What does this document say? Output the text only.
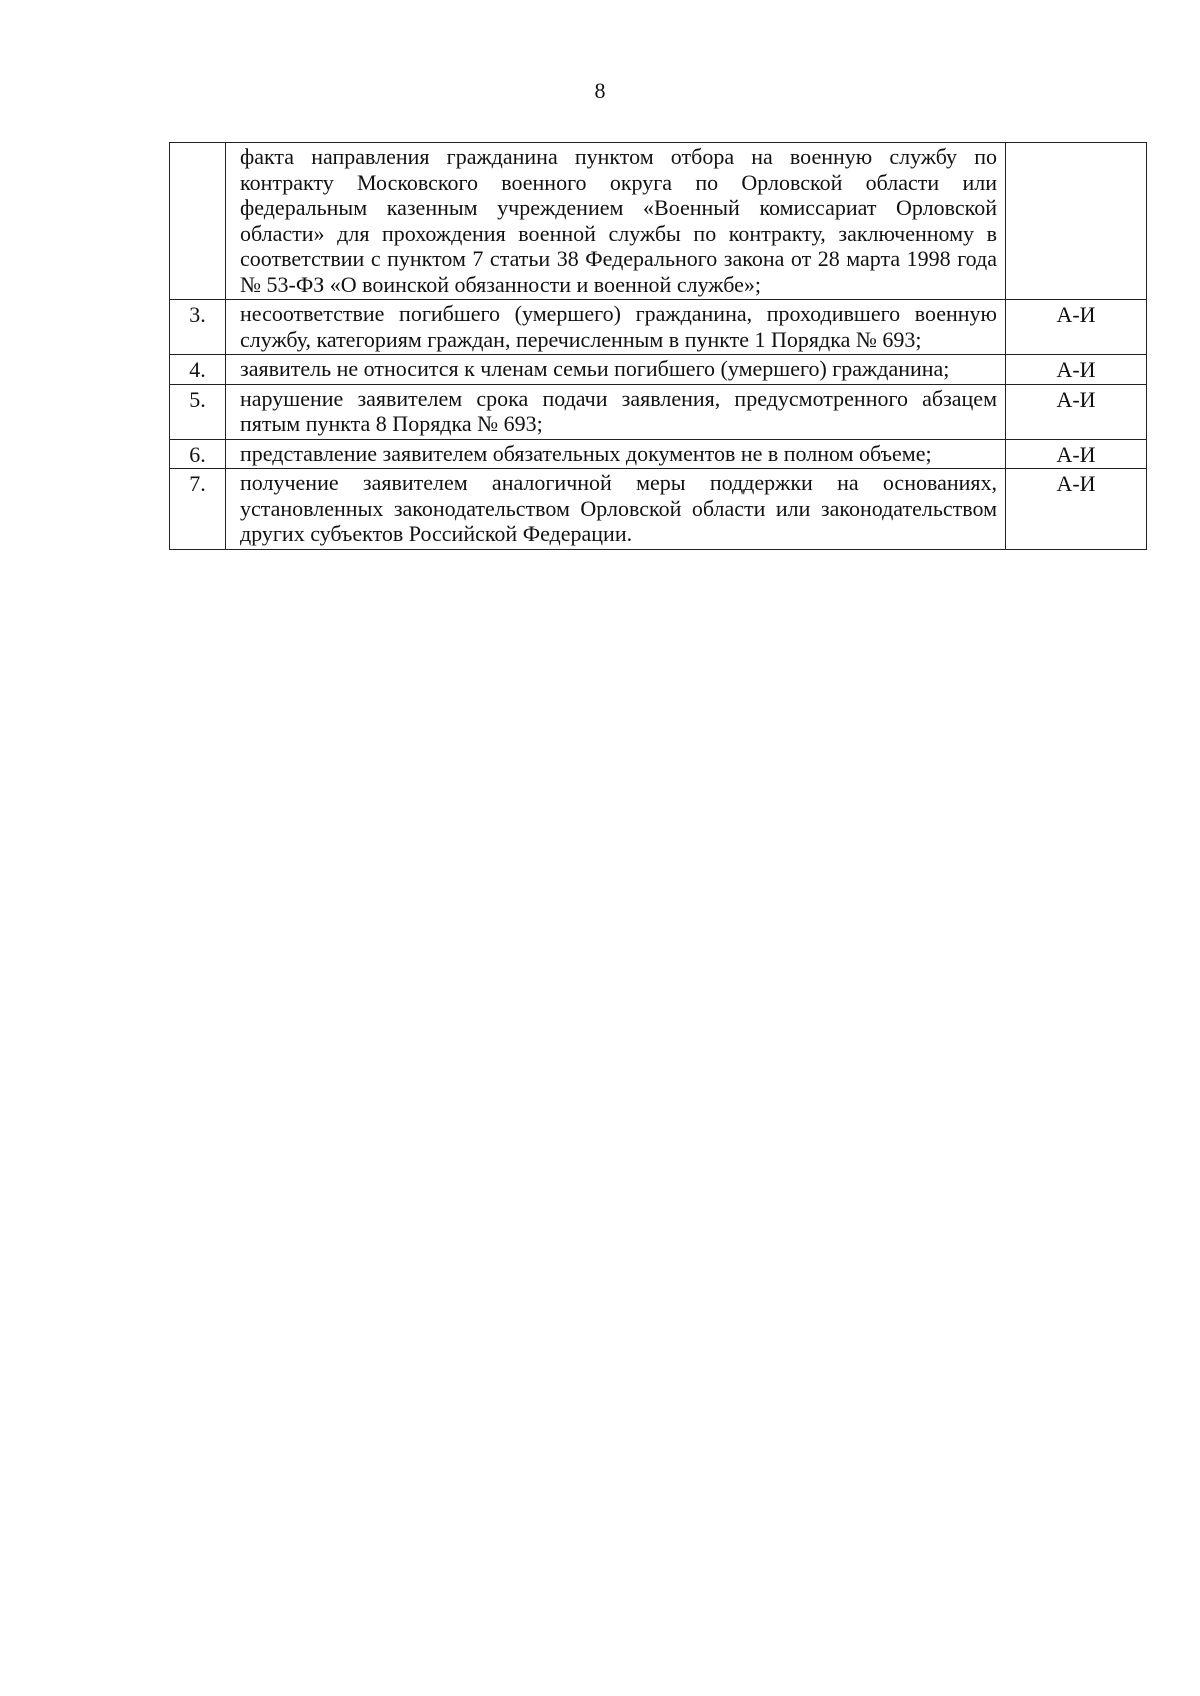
8
	факта направления гражданина пунктом отбора на военную службу по контракту Московского военного округа по Орловской области или федеральным казенным учреждением «Военный комиссариат Орловской области» для прохождения военной службы по контракту, заключенному в соответствии с пунктом 7 статьи 38 Федерального закона от 28 марта 1998 года № 53-ФЗ «О воинской обязанности и военной службе»;	
3.	несоответствие погибшего (умершего) гражданина, проходившего военную службу, категориям граждан, перечисленным в пункте 1 Порядка № 693;	А-И
4.	заявитель не относится к членам семьи погибшего (умершего) гражданина;	А-И
5.	нарушение заявителем срока подачи заявления, предусмотренного абзацем пятым пункта 8 Порядка № 693;	А-И
6.	представление заявителем обязательных документов не в полном объеме;	А-И
7.	получение заявителем аналогичной меры поддержки на основаниях, установленных законодательством Орловской области или законодательством других субъектов Российской Федерации.	А-И
